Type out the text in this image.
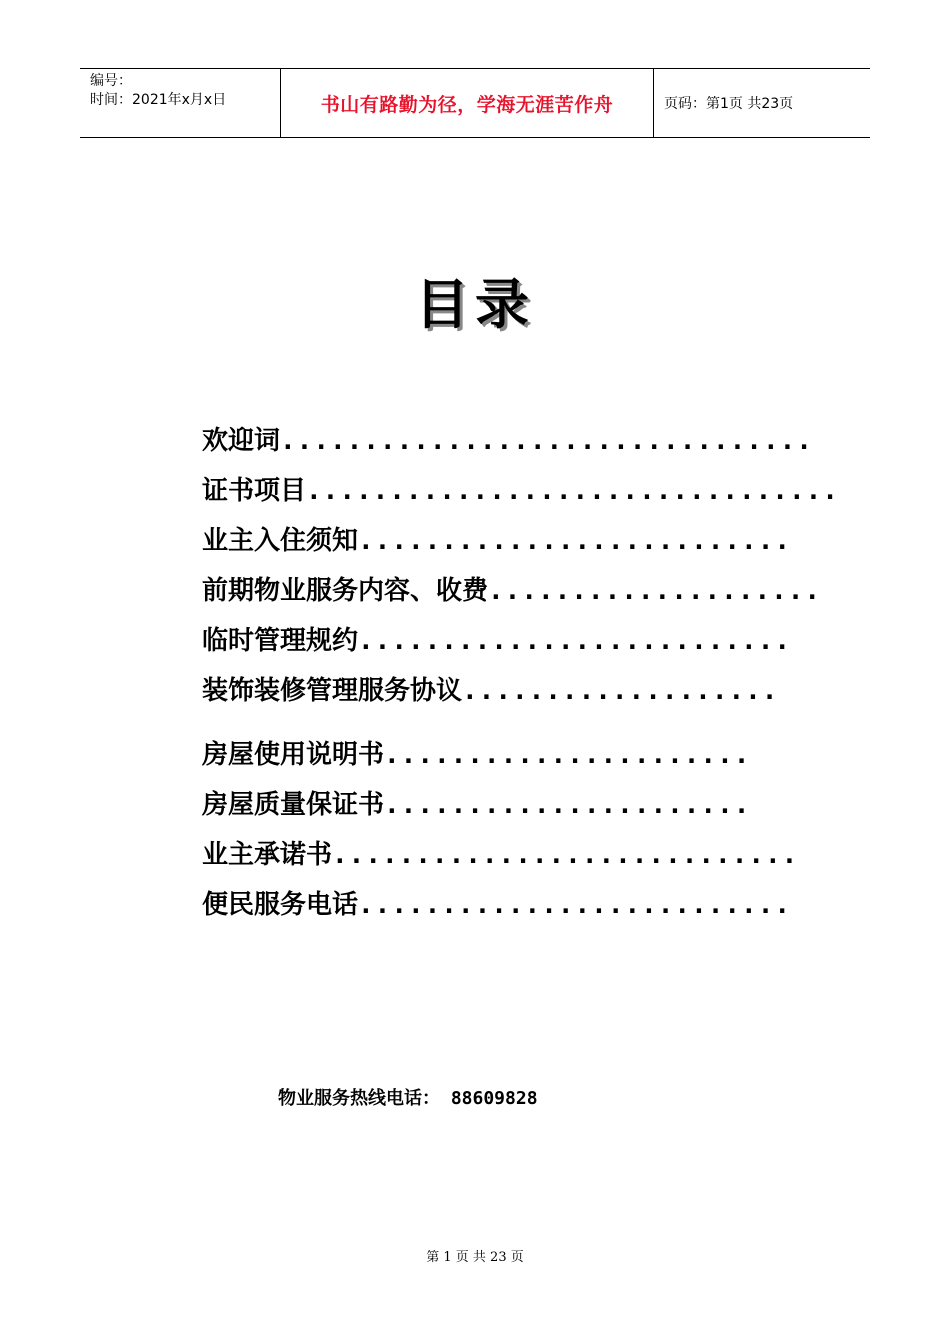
编号：
时间：2021年x月x日	书山有路勤为径，学海无涯苦作舟	页码：第1页 共23页
目录
欢迎词................................
证书项目................................
业主入住须知..........................
前期物业服务内容、收费....................
临时管理规约..........................
装饰装修管理服务协议...................
房屋使用说明书......................
房屋质量保证书......................
业主承诺书............................
便民服务电话..........................
物业服务热线电话： 88609828
第 1 页 共 23 页
